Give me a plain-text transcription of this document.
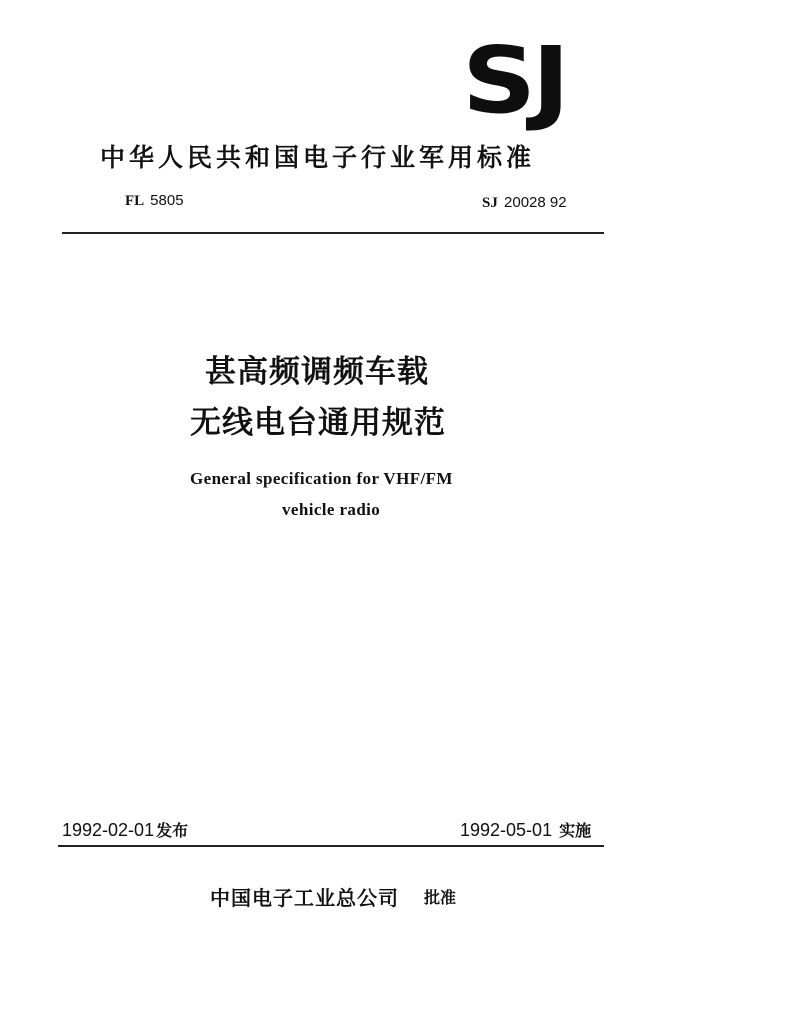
SJ
中华人民共和国电子行业军用标准
FL 5805	SJ 20028 92
甚高频调频车载
无线电台通用规范
General specification for VHF/FM
vehicle radio
1992-02-01 发布	1992-05-01 实施
中国电子工业总公司 批准
